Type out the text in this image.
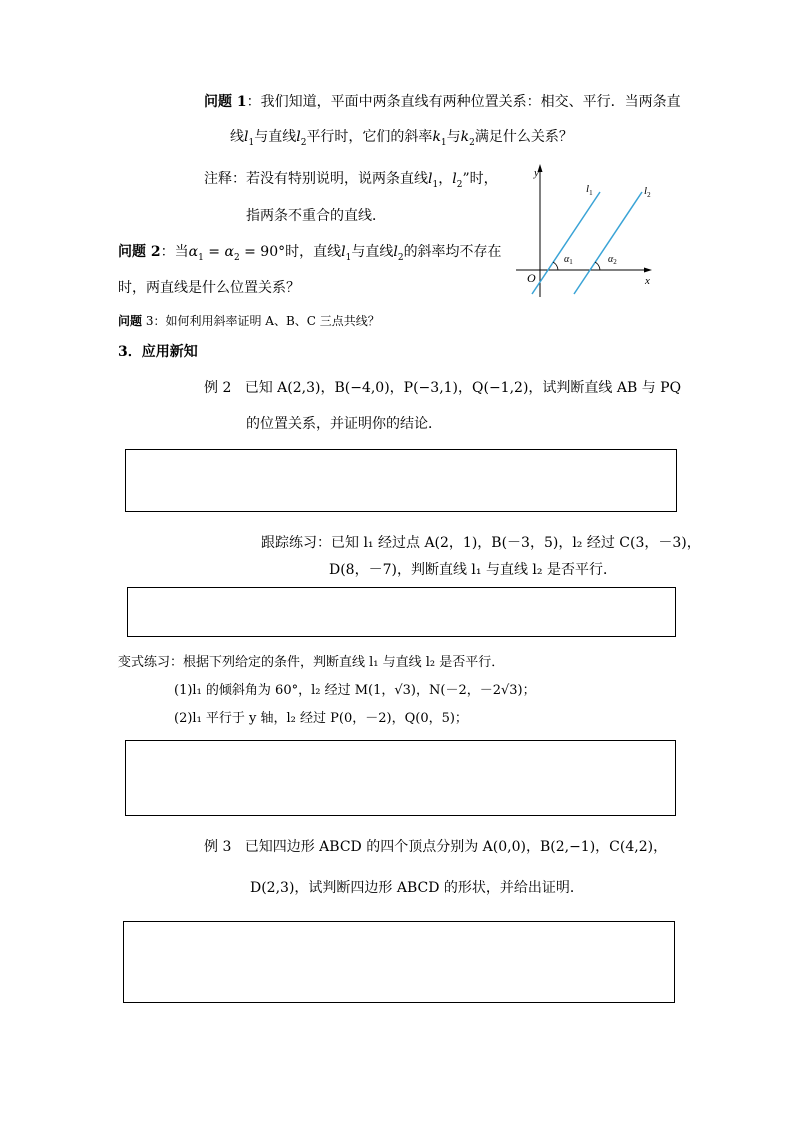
问题 1：我们知道，平面中两条直线有两种位置关系：相交、平行．当两条直
线$l_1$与直线$l_2$平行时，它们的斜率$k_1$与$k_2$满足什么关系？
注释：若没有特别说明，说两条直线$l_1$，$l_2$”时，
指两条不重合的直线．
问题 2：当$\alpha_1 = \alpha_2 = 90^\circ$时，直线$l_1$与直线$l_2$的斜率均不存在
时，两直线是什么位置关系？
问题 3：如何利用斜率证明 A、B、C 三点共线？
y
x
O
$l_1$	$l_2$
$\alpha_1$	$\alpha_2$
3．应用新知
例 2 已知 A(2,3)，B(−4,0)，P(−3,1)，Q(−1,2)，试判断直线 AB 与 PQ
的位置关系，并证明你的结论．
跟踪练习：已知 l₁ 经过点 A(2，1)，B(－3，5)，l₂ 经过 C(3，－3)，
D(8，－7)，判断直线 l₁ 与直线 l₂ 是否平行．
变式练习：根据下列给定的条件，判断直线 l₁ 与直线 l₂ 是否平行．
(1)l₁ 的倾斜角为 60°，l₂ 经过 M(1，√3)，N(－2，－2√3)；
(2)l₁ 平行于 y 轴，l₂ 经过 P(0，－2)，Q(0，5)；
例 3 已知四边形 ABCD 的四个顶点分别为 A(0,0)，B(2,−1)，C(4,2)，
D(2,3)，试判断四边形 ABCD 的形状，并给出证明．
